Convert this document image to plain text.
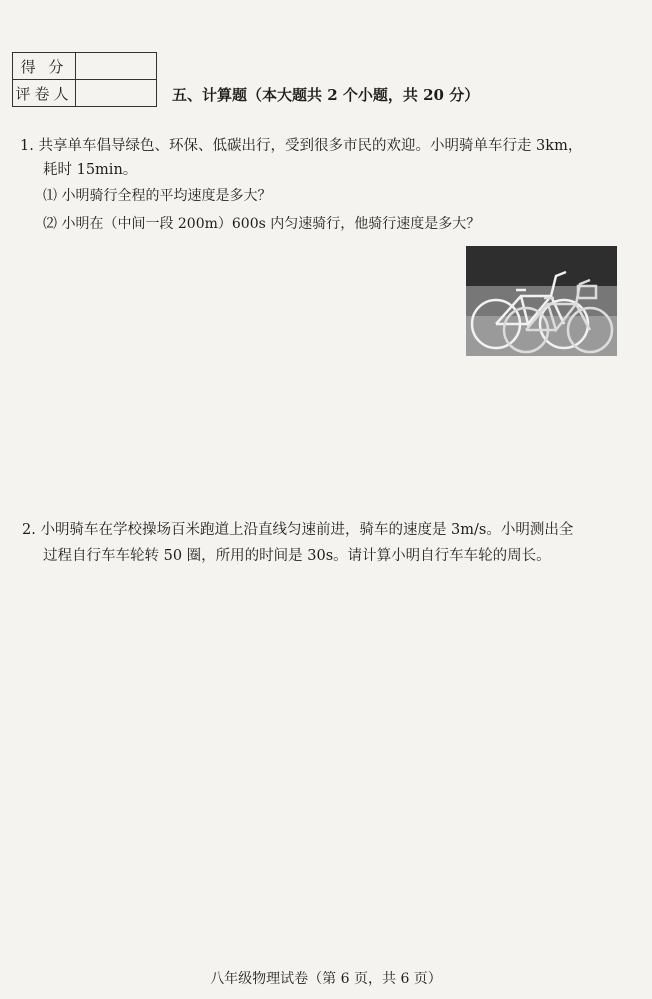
得 分	
评卷人		五、计算题（本大题共 2 个小题，共 20 分）
1. 共享单车倡导绿色、环保、低碳出行，受到很多市民的欢迎。小明骑单车行走 3km，
耗时 15min。
⑴ 小明骑行全程的平均速度是多大？
⑵ 小明在（中间一段 200m）600s 内匀速骑行，他骑行速度是多大？
2. 小明骑车在学校操场百米跑道上沿直线匀速前进，骑车的速度是 3m/s。小明测出全
过程自行车车轮转 50 圈，所用的时间是 30s。请计算小明自行车车轮的周长。
八年级物理试卷（第 6 页，共 6 页）
